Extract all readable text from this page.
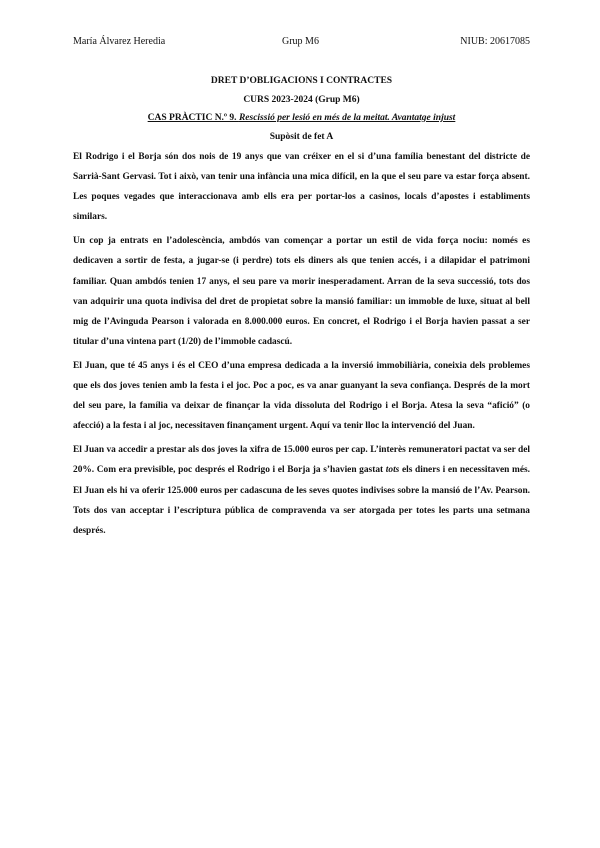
María Álvarez Heredia	Grup M6	NIUB: 20617085
DRET D’OBLIGACIONS I CONTRACTES
CURS 2023-2024 (Grup M6)
CAS PRÀCTIC N.º 9. Rescissió per lesió en més de la meitat. Avantatge injust
Supòsit de fet A

El Rodrigo i el Borja són dos nois de 19 anys que van créixer en el si d’una família benestant del districte de Sarrià-Sant Gervasi. Tot i això, van tenir una infància una mica difícil, en la que el seu pare va estar força absent. Les poques vegades que interaccionava amb ells era per portar-los a casinos, locals d’apostes i establiments similars.

Un cop ja entrats en l’adolescència, ambdós van començar a portar un estil de vida força nociu: només es dedicaven a sortir de festa, a jugar-se (i perdre) tots els diners als que tenien accés, i a dilapidar el patrimoni familiar. Quan ambdós tenien 17 anys, el seu pare va morir inesperadament. Arran de la seva successió, tots dos van adquirir una quota indivisa del dret de propietat sobre la mansió familiar: un immoble de luxe, situat al bell mig de l’Avinguda Pearson i valorada en 8.000.000 euros. En concret, el Rodrigo i el Borja havien passat a ser titular d’una vintena part (1/20) de l’immoble cadascú.

El Juan, que té 45 anys i és el CEO d’una empresa dedicada a la inversió immobiliària, coneixia dels problemes que els dos joves tenien amb la festa i el joc. Poc a poc, es va anar guanyant la seva confiança. Després de la mort del seu pare, la família va deixar de finançar la vida dissoluta del Rodrigo i el Borja. Atesa la seva “afició” (o afecció) a la festa i al joc, necessitaven finançament urgent. Aquí va tenir lloc la intervenció del Juan.

El Juan va accedir a prestar als dos joves la xifra de 15.000 euros per cap. L’interès remuneratori pactat va ser del 20%. Com era previsible, poc després el Rodrigo i el Borja ja s’havien gastat tots els diners i en necessitaven més. El Juan els hi va oferir 125.000 euros per cadascuna de les seves quotes indivises sobre la mansió de l’Av. Pearson. Tots dos van acceptar i l’escriptura pública de compravenda va ser atorgada per totes les parts una setmana després.
